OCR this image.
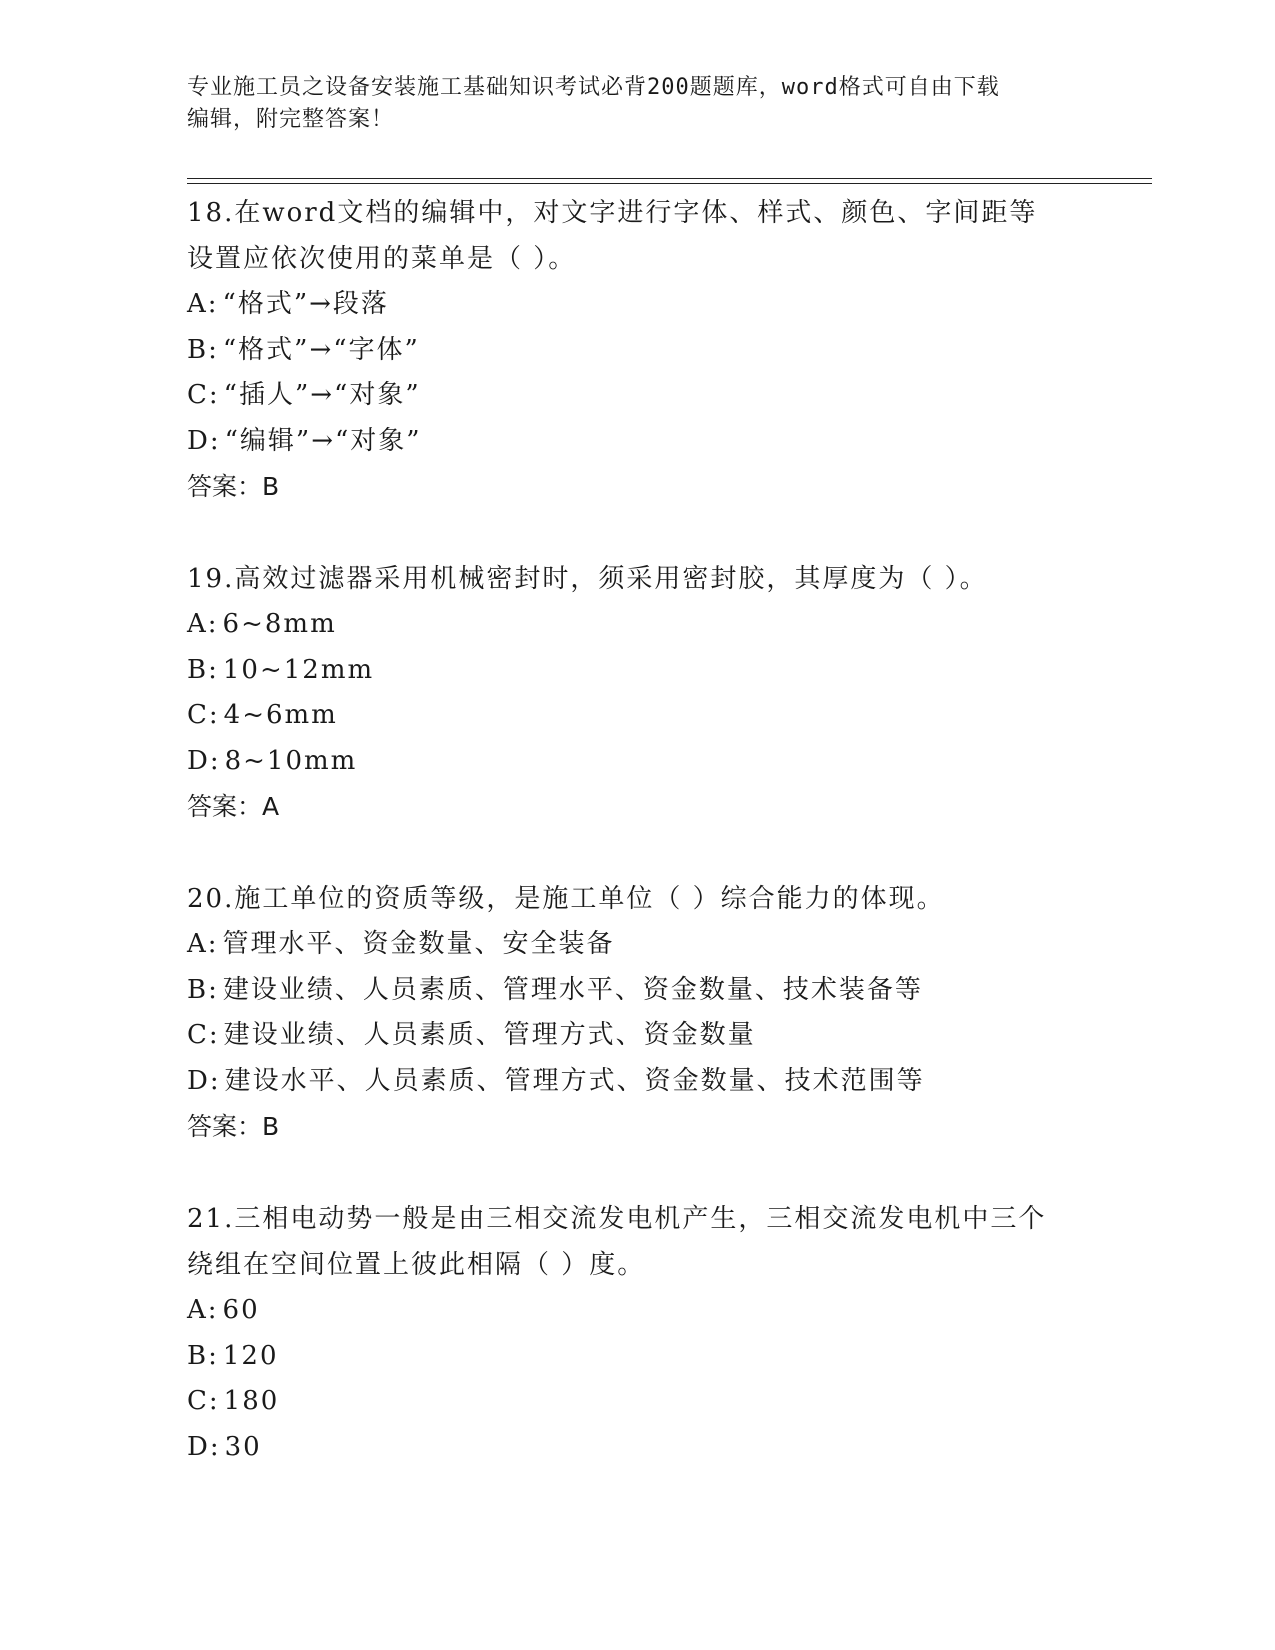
专业施工员之设备安装施工基础知识考试必背200题题库，word格式可自由下载
编辑，附完整答案！
18.在word文档的编辑中，对文字进行字体、样式、颜色、字间距等
设置应依次使用的菜单是（ ）。
A: “格式”→段落
B: “格式”→“字体”
C: “插人”→“对象”
D: “编辑”→“对象”
答案：B
19.高效过滤器采用机械密封时，须采用密封胶，其厚度为（ ）。
A: 6~8mm
B: 10~12mm
C: 4~6mm
D: 8~10mm
答案：A
20.施工单位的资质等级，是施工单位（ ）综合能力的体现。
A: 管理水平、资金数量、安全装备
B: 建设业绩、人员素质、管理水平、资金数量、技术装备等
C: 建设业绩、人员素质、管理方式、资金数量
D: 建设水平、人员素质、管理方式、资金数量、技术范围等
答案：B
21.三相电动势一般是由三相交流发电机产生，三相交流发电机中三个
绕组在空间位置上彼此相隔（ ）度。
A: 60
B: 120
C: 180
D: 30
